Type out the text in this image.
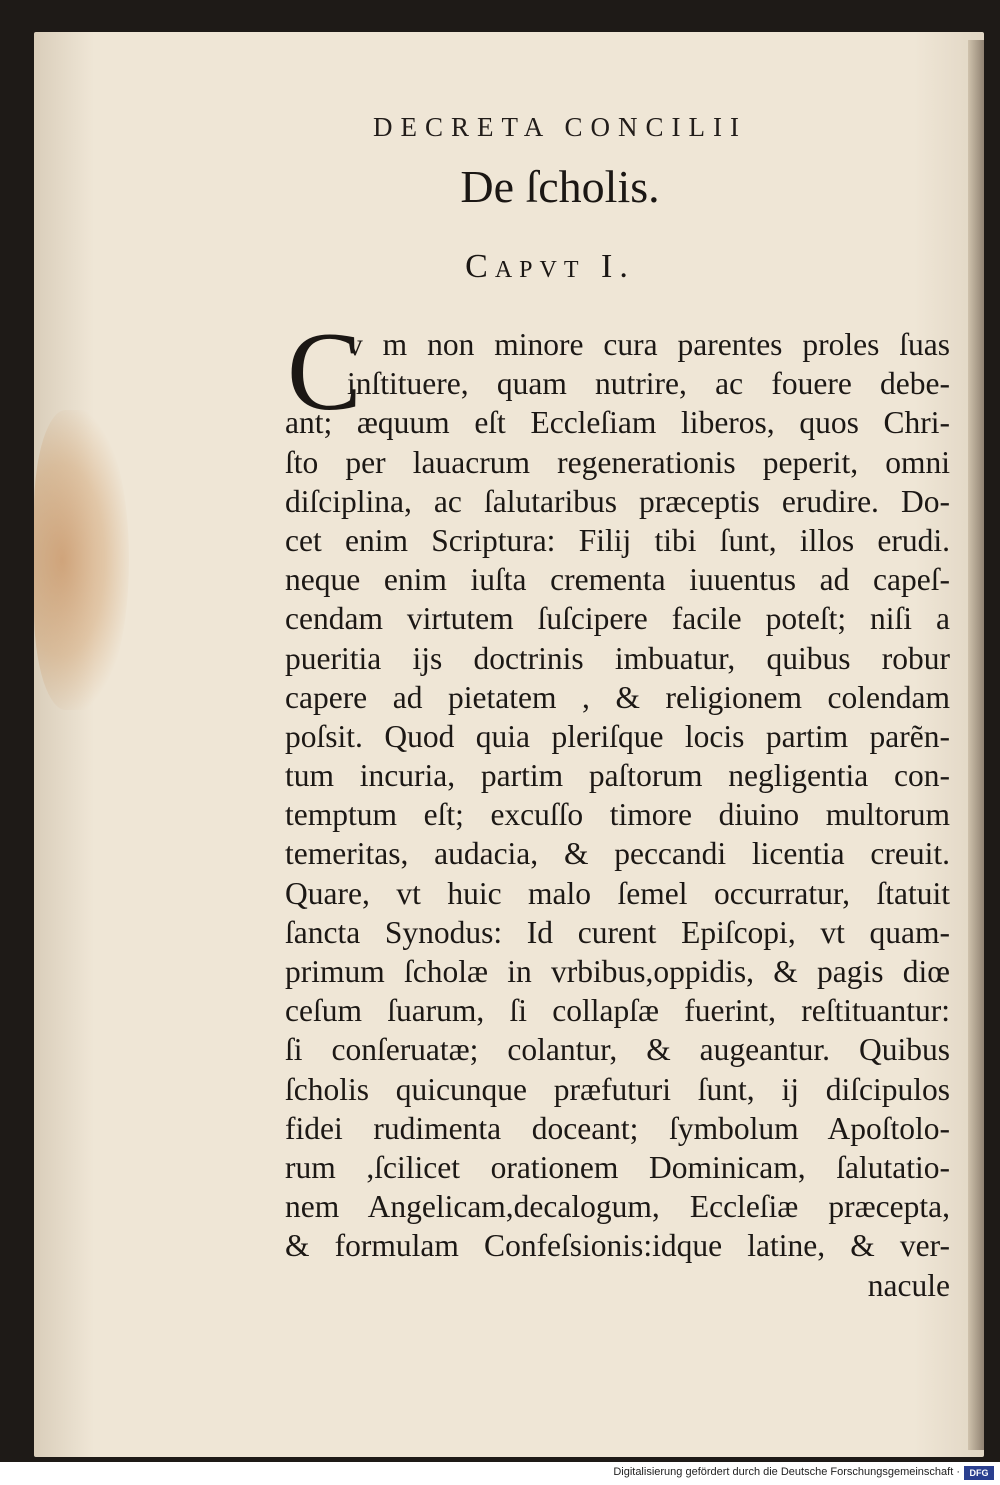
DECRETA CONCILII
De ſcholis.
Capvt I.
C
v m non minore cura parentes proles ſuas
inſtituere, quam nutrire, ac fouere debe-
ant; æquum eſt Eccleſiam liberos, quos Chri-
ſto per lauacrum regenerationis peperit, omni
diſciplina, ac ſalutaribus præceptis erudire. Do-
cet enim Scriptura: Filij tibi ſunt, illos erudi.
neque enim iuſta crementa iuuentus ad capeſ-
cendam virtutem ſuſcipere facile poteſt; niſi a
pueritia ijs doctrinis imbuatur, quibus robur
capere ad pietatem , & religionem colendam
poſsit. Quod quia pleriſque locis partim parẽn-
tum incuria, partim paſtorum negligentia con-
temptum eſt; excuſſo timore diuino multorum
temeritas, audacia, & peccandi licentia creuit.
Quare, vt huic malo ſemel occurratur, ſtatuit
ſancta Synodus: Id curent Epiſcopi, vt quam-
primum ſcholæ in vrbibus,oppidis, & pagis diœ
ceſum ſuarum, ſi collapſæ fuerint, reſtituantur:
ſi conſeruatæ; colantur, & augeantur. Quibus
ſcholis quicunque præfuturi ſunt, ij diſcipulos
fidei rudimenta doceant; ſymbolum Apoſtolo-
rum ,ſcilicet orationem Dominicam, ſalutatio-
nem Angelicam,decalogum, Eccleſiæ præcepta,
& formulam Confeſsionis:idque latine, & ver-
nacule
Digitalisierung gefördert durch die Deutsche Forschungsgemeinschaft ·	DFG
